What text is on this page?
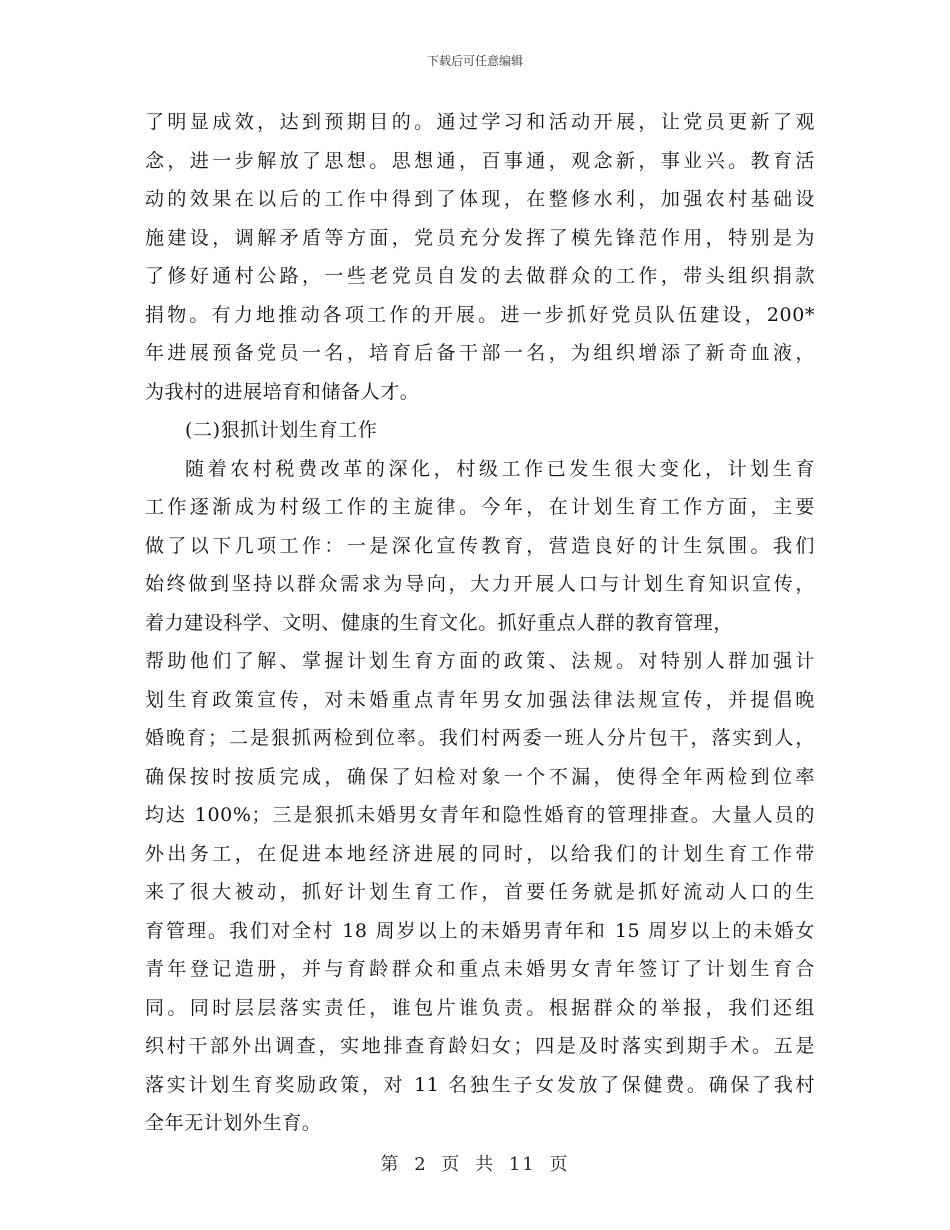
下载后可任意编辑
了明显成效，达到预期目的。通过学习和活动开展，让党员更新了观
念，进一步解放了思想。思想通，百事通，观念新，事业兴。教育活
动的效果在以后的工作中得到了体现，在整修水利，加强农村基础设
施建设，调解矛盾等方面，党员充分发挥了模先锋范作用，特别是为
了修好通村公路，一些老党员自发的去做群众的工作，带头组织捐款
捐物。有力地推动各项工作的开展。进一步抓好党员队伍建设，200*
年进展预备党员一名，培育后备干部一名，为组织增添了新奇血液，
为我村的进展培育和储备人才。
(二)狠抓计划生育工作
随着农村税费改革的深化，村级工作已发生很大变化，计划生育
工作逐渐成为村级工作的主旋律。今年，在计划生育工作方面，主要
做了以下几项工作：一是深化宣传教育，营造良好的计生氛围。我们
始终做到坚持以群众需求为导向，大力开展人口与计划生育知识宣传，
着力建设科学、文明、健康的生育文化。抓好重点人群的教育管理，
帮助他们了解、掌握计划生育方面的政策、法规。对特别人群加强计
划生育政策宣传，对未婚重点青年男女加强法律法规宣传，并提倡晚
婚晚育；二是狠抓两检到位率。我们村两委一班人分片包干，落实到人，
确保按时按质完成，确保了妇检对象一个不漏，使得全年两检到位率
均达 100%；三是狠抓未婚男女青年和隐性婚育的管理排查。大量人员的
外出务工，在促进本地经济进展的同时，以给我们的计划生育工作带
来了很大被动，抓好计划生育工作，首要任务就是抓好流动人口的生
育管理。我们对全村 18 周岁以上的未婚男青年和 15 周岁以上的未婚女
青年登记造册，并与育龄群众和重点未婚男女青年签订了计划生育合
同。同时层层落实责任，谁包片谁负责。根据群众的举报，我们还组
织村干部外出调查，实地排查育龄妇女；四是及时落实到期手术。五是
落实计划生育奖励政策，对 11 名独生子女发放了保健费。确保了我村
全年无计划外生育。
第 2 页 共 11 页
